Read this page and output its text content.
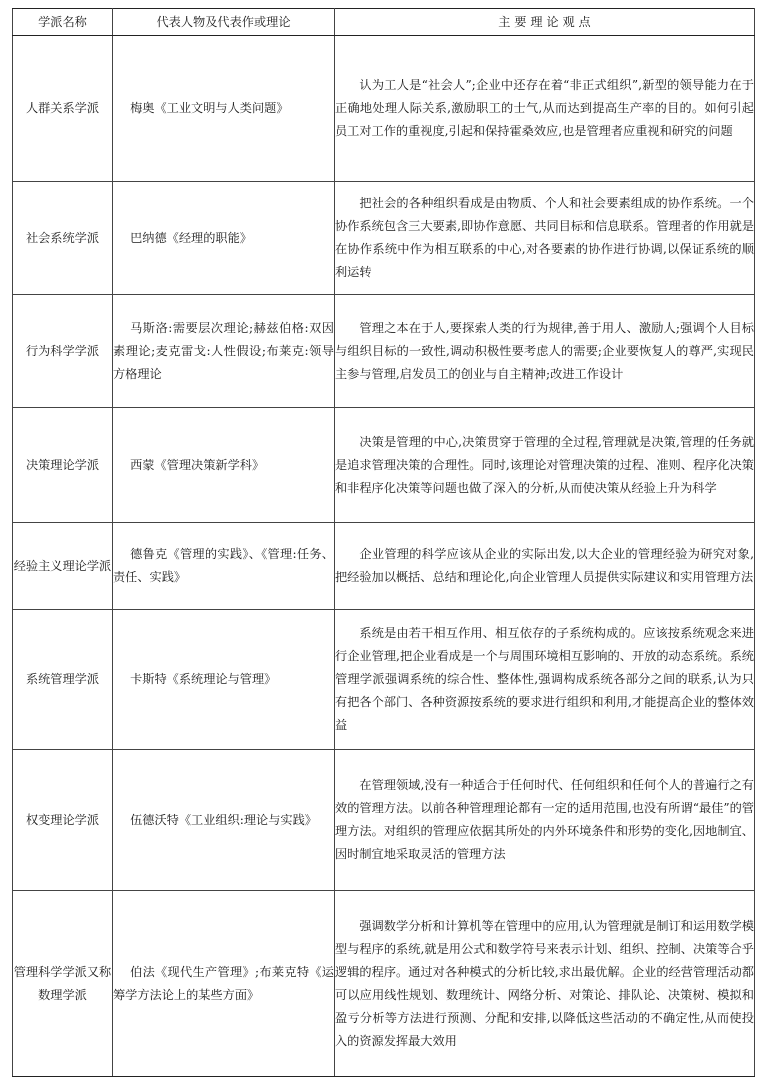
学派名称	代表人物及代表作或理论	主 要 理 论 观 点
人群关系学派	梅奥《工业文明与人类问题》	认为工人是“社会人”;企业中还存在着“非正式组织”,新型的领导能力在于正确地处理人际关系,激励职工的士气,从而达到提高生产率的目的。如何引起员工对工作的重视度,引起和保持霍桑效应,也是管理者应重视和研究的问题

社会系统学派	巴纳德《经理的职能》	把社会的各种组织看成是由物质、个人和社会要素组成的协作系统。一个协作系统包含三大要素,即协作意愿、共同目标和信息联系。管理者的作用就是在协作系统中作为相互联系的中心,对各要素的协作进行协调,以保证系统的顺利运转

行为科学学派	马斯洛:需要层次理论;赫兹伯格:双因素理论;麦克雷戈:人性假设;布莱克:领导方格理论	管理之本在于人,要探索人类的行为规律,善于用人、激励人;强调个人目标与组织目标的一致性,调动积极性要考虑人的需要;企业要恢复人的尊严,实现民主参与管理,启发员工的创业与自主精神;改进工作设计

决策理论学派	西蒙《管理决策新学科》	决策是管理的中心,决策贯穿于管理的全过程,管理就是决策,管理的任务就是追求管理决策的合理性。同时,该理论对管理决策的过程、准则、程序化决策和非程序化决策等问题也做了深入的分析,从而使决策从经验上升为科学

经验主义理论学派	德鲁克《管理的实践》、《管理:任务、责任、实践》	企业管理的科学应该从企业的实际出发,以大企业的管理经验为研究对象,把经验加以概括、总结和理论化,向企业管理人员提供实际建议和实用管理方法

系统管理学派	卡斯特《系统理论与管理》	系统是由若干相互作用、相互依存的子系统构成的。应该按系统观念来进行企业管理,把企业看成是一个与周围环境相互影响的、开放的动态系统。系统管理学派强调系统的综合性、整体性,强调构成系统各部分之间的联系,认为只有把各个部门、各种资源按系统的要求进行组织和利用,才能提高企业的整体效益

权变理论学派	伍德沃特《工业组织:理论与实践》	在管理领域,没有一种适合于任何时代、任何组织和任何个人的普遍行之有效的管理方法。以前各种管理理论都有一定的适用范围,也没有所谓“最佳”的管理方法。对组织的管理应依据其所处的内外环境条件和形势的变化,因地制宜、因时制宜地采取灵活的管理方法

管理科学学派又称数理学派	伯法《现代生产管理》;布莱克特《运筹学方法论上的某些方面》	强调数学分析和计算机等在管理中的应用,认为管理就是制订和运用数学模型与程序的系统,就是用公式和数学符号来表示计划、组织、控制、决策等合乎逻辑的程序。通过对各种模式的分析比较,求出最优解。企业的经营管理活动都可以应用线性规划、数理统计、网络分析、对策论、排队论、决策树、模拟和盈亏分析等方法进行预测、分配和安排,以降低这些活动的不确定性,从而使投入的资源发挥最大效用
